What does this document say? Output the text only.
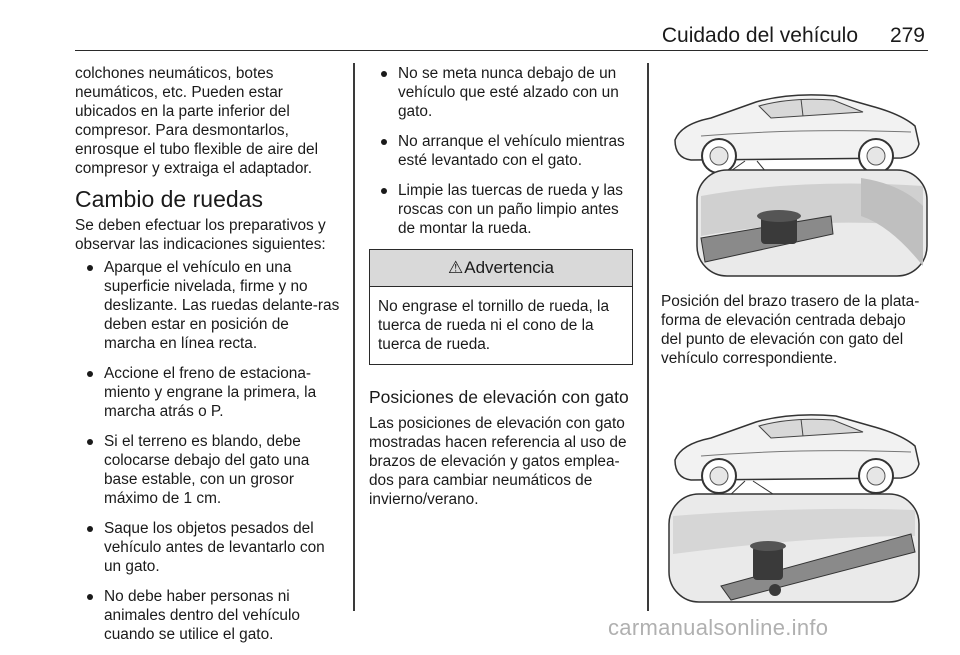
Cuidado del vehículo 279

colchones neumáticos, botes neumáticos, etc. Pueden estar ubicados en la parte inferior del compresor. Para desmontarlos, enrosque el tubo flexible de aire del compresor y extraiga el adaptador.

Cambio de ruedas

Se deben efectuar los preparativos y observar las indicaciones siguientes:

Aparque el vehículo en una superficie nivelada, firme y no deslizante. Las ruedas delante-ras deben estar en posición de marcha en línea recta.
Accione el freno de estaciona-miento y engrane la primera, la marcha atrás o P.
Si el terreno es blando, debe colocarse debajo del gato una base estable, con un grosor máximo de 1 cm.
Saque los objetos pesados del vehículo antes de levantarlo con un gato.
No debe haber personas ni animales dentro del vehículo cuando se utilice el gato.
No se meta nunca debajo de un vehículo que esté alzado con un gato.
No arranque el vehículo mientras esté levantado con el gato.
Limpie las tuercas de rueda y las roscas con un paño limpio antes de montar la rueda.
⚠Advertencia
No engrase el tornillo de rueda, la tuerca de rueda ni el cono de la tuerca de rueda.
Posiciones de elevación con gato

Las posiciones de elevación con gato mostradas hacen referencia al uso de brazos de elevación y gatos emplea-dos para cambiar neumáticos de invierno/verano.

Posición del brazo trasero de la plata-forma de elevación centrada debajo del punto de elevación con gato del vehículo correspondiente.

carmanualsonline.info
